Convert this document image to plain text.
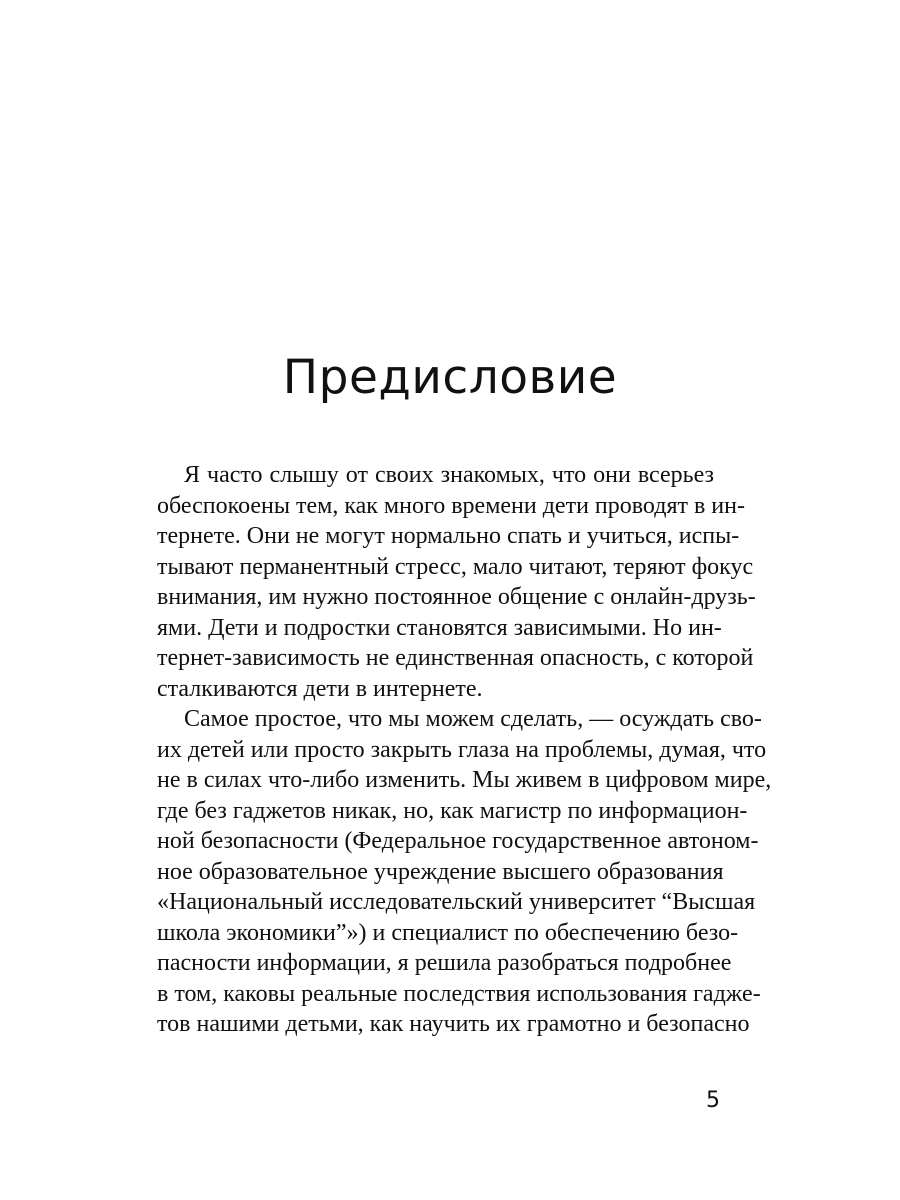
Предисловие
Я часто слышу от своих знакомых, что они всерьез
обеспокоены тем, как много времени дети проводят в ин-
тернете. Они не могут нормально спать и учиться, испы-
тывают перманентный стресс, мало читают, теряют фокус
внимания, им нужно постоянное общение с онлайн-друзь-
ями. Дети и подростки становятся зависимыми. Но ин-
тернет-зависимость не единственная опасность, с которой
сталкиваются дети в интернете.
Самое простое, что мы можем сделать, — осуждать сво-
их детей или просто закрыть глаза на проблемы, думая, что
не в силах что-либо изменить. Мы живем в цифровом мире,
где без гаджетов никак, но, как магистр по информацион-
ной безопасности (Федеральное государственное автоном-
ное образовательное учреждение высшего образования
«Национальный исследовательский университет “Высшая
школа экономики”») и специалист по обеспечению безо-
пасности информации, я решила разобраться подробнее
в том, каковы реальные последствия использования гадже-
тов нашими детьми, как научить их грамотно и безопасно
5
